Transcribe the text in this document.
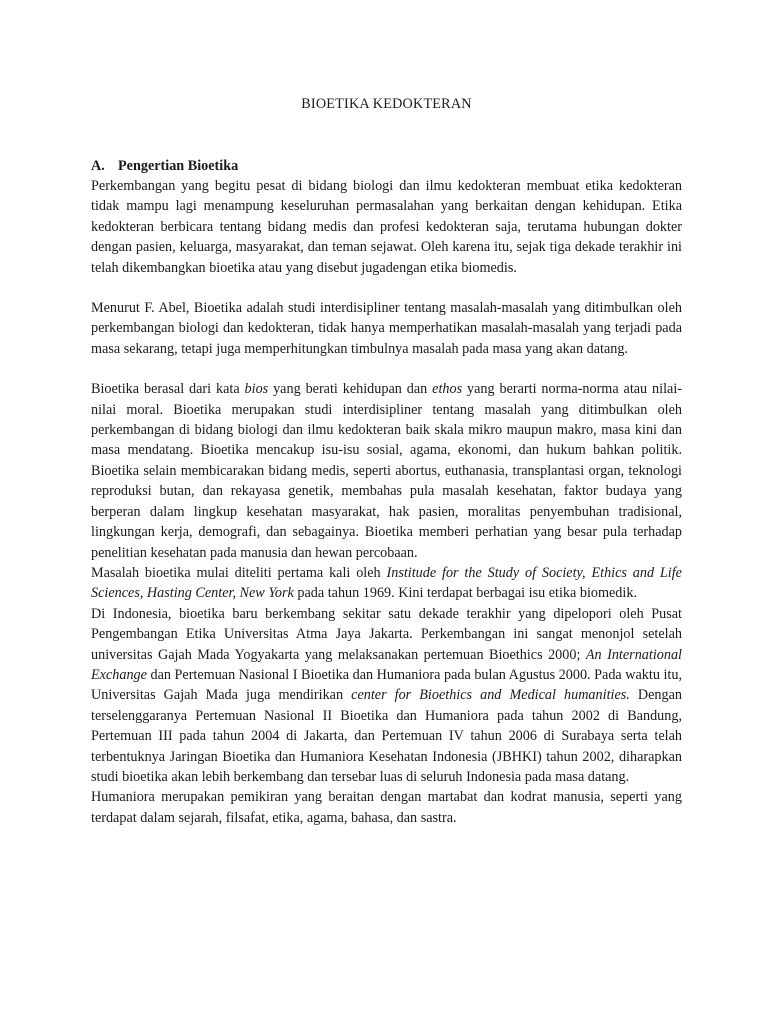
BIOETIKA KEDOKTERAN
A. Pengertian Bioetika

Perkembangan yang begitu pesat di bidang biologi dan ilmu kedokteran membuat etika kedokteran tidak mampu lagi menampung keseluruhan permasalahan yang berkaitan dengan kehidupan. Etika kedokteran berbicara tentang bidang medis dan profesi kedokteran saja, terutama hubungan dokter dengan pasien, keluarga, masyarakat, dan teman sejawat. Oleh karena itu, sejak tiga dekade terakhir ini telah dikembangkan bioetika atau yang disebut jugadengan etika biomedis.

Menurut F. Abel, Bioetika adalah studi interdisipliner tentang masalah-masalah yang ditimbulkan oleh perkembangan biologi dan kedokteran, tidak hanya memperhatikan masalah-masalah yang terjadi pada masa sekarang, tetapi juga memperhitungkan timbulnya masalah pada masa yang akan datang.

Bioetika berasal dari kata bios yang berati kehidupan dan ethos yang berarti norma-norma atau nilai-nilai moral. Bioetika merupakan studi interdisipliner tentang masalah yang ditimbulkan oleh perkembangan di bidang biologi dan ilmu kedokteran baik skala mikro maupun makro, masa kini dan masa mendatang. Bioetika mencakup isu-isu sosial, agama, ekonomi, dan hukum bahkan politik. Bioetika selain membicarakan bidang medis, seperti abortus, euthanasia, transplantasi organ, teknologi reproduksi butan, dan rekayasa genetik, membahas pula masalah kesehatan, faktor budaya yang berperan dalam lingkup kesehatan masyarakat, hak pasien, moralitas penyembuhan tradisional, lingkungan kerja, demografi, dan sebagainya. Bioetika memberi perhatian yang besar pula terhadap penelitian kesehatan pada manusia dan hewan percobaan.

Masalah bioetika mulai diteliti pertama kali oleh Institude for the Study of Society, Ethics and Life Sciences, Hasting Center, New York pada tahun 1969. Kini terdapat berbagai isu etika biomedik.

Di Indonesia, bioetika baru berkembang sekitar satu dekade terakhir yang dipelopori oleh Pusat Pengembangan Etika Universitas Atma Jaya Jakarta. Perkembangan ini sangat menonjol setelah universitas Gajah Mada Yogyakarta yang melaksanakan pertemuan Bioethics 2000; An International Exchange dan Pertemuan Nasional I Bioetika dan Humaniora pada bulan Agustus 2000. Pada waktu itu, Universitas Gajah Mada juga mendirikan center for Bioethics and Medical humanities. Dengan terselenggaranya Pertemuan Nasional II Bioetika dan Humaniora pada tahun 2002 di Bandung, Pertemuan III pada tahun 2004 di Jakarta, dan Pertemuan IV tahun 2006 di Surabaya serta telah terbentuknya Jaringan Bioetika dan Humaniora Kesehatan Indonesia (JBHKI) tahun 2002, diharapkan studi bioetika akan lebih berkembang dan tersebar luas di seluruh Indonesia pada masa datang.

Humaniora merupakan pemikiran yang beraitan dengan martabat dan kodrat manusia, seperti yang terdapat dalam sejarah, filsafat, etika, agama, bahasa, dan sastra.
